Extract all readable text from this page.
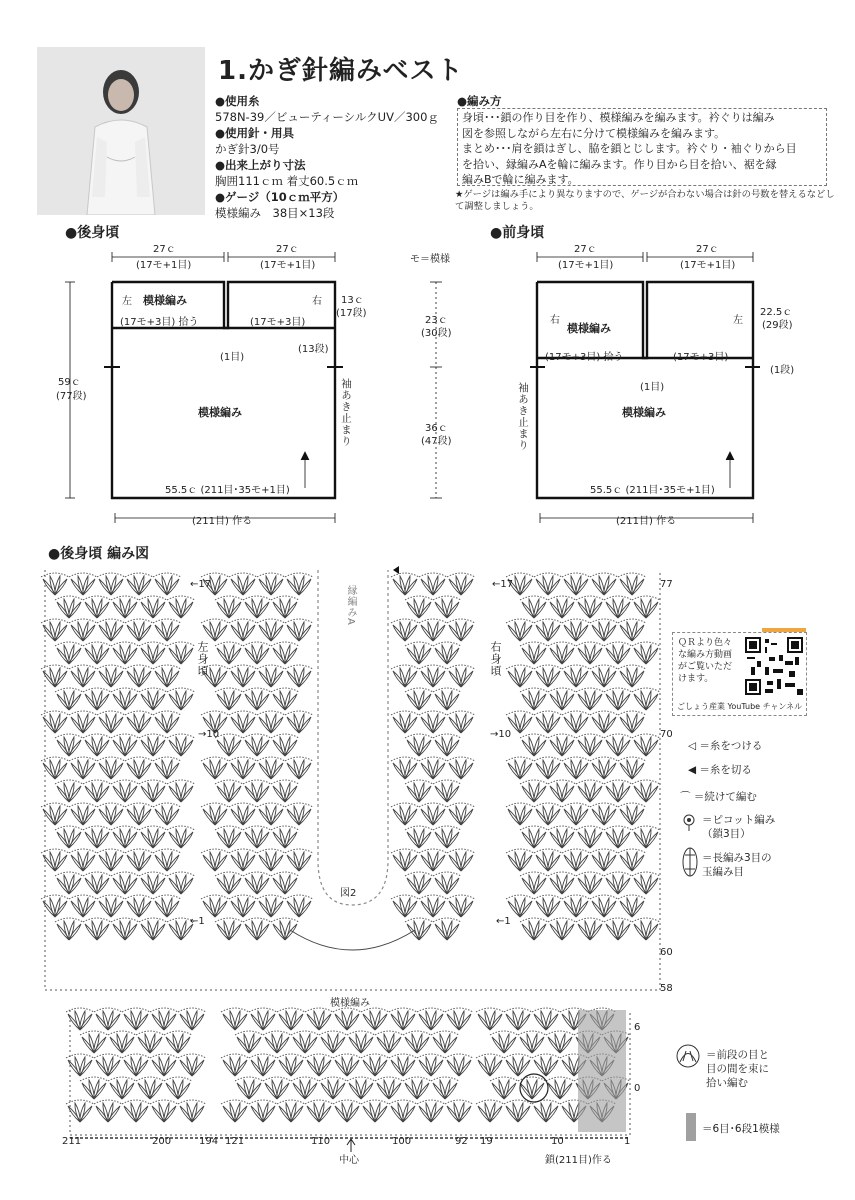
1.かぎ針編みベスト
●使用糸
578N-39／ビューティーシルクUV／300ｇ
●使用針・用具
かぎ針3/0号
●出来上がり寸法
胸囲111ｃｍ 着丈60.5ｃｍ
●ゲージ（10ｃｍ平方）
模様編み　38目×13段
●編み方
身頃･･･鎖の作り目を作り、模様編みを編みます。衿ぐりは編み
図を参照しながら左右に分けて模様編みを編みます。
まとめ･･･肩を鎖はぎし、脇を鎖とじします。衿ぐり・袖ぐりから目
を拾い、縁編みAを輪に編みます。作り目から目を拾い、裾を縁
編みBで輪に編みます。
★ゲージは編み手により異なりますので、ゲージが合わない場合は針の号数を替えるなどして調整しましょう。
●後身頃
27ｃ
(17モ+1目)
27ｃ
(17モ+1目)
左 模様編み	右
(17モ+3目) 拾う	(17モ+3目)
(1目)
13ｃ
(17段)
(13段)
59ｃ
(77段)
模様編み	袖あき止まり
55.5ｃ (211目･35モ+1目)
(211目) 作る
モ＝模様
23ｃ
(30段)
36ｃ
(47段)
●前身頃
27ｃ
(17モ+1目)
27ｃ
(17モ+1目)
右
模様編み
左
22.5ｃ
(29段)
(17モ+3目) 拾う	(17モ+3目)
(1段)
(1目)
袖あき止まり	模様編み
55.5ｃ (211目･35モ+1目)
(211目) 作る
●後身頃 編み図
左身頃	右身頃
縁編みA
図2
模様編み
←17	←17
→10	→10
←1	←1
77
70
60
58
6
0
211	200	194 121	110	100	92 19	10	1
中心	鎖(211目)作る
ＱＲより色々な編み方動画がご覧いただけます。
ごしょう産業 YouTube チャンネル
◁ ＝糸をつける
◀ ＝糸を切る
⌒ ＝続けて編む
＝ピコット編み
（鎖3目）
＝長編み3目の
玉編み目
＝前段の目と
目の間を束に
拾い編む
＝6目･6段1模様
